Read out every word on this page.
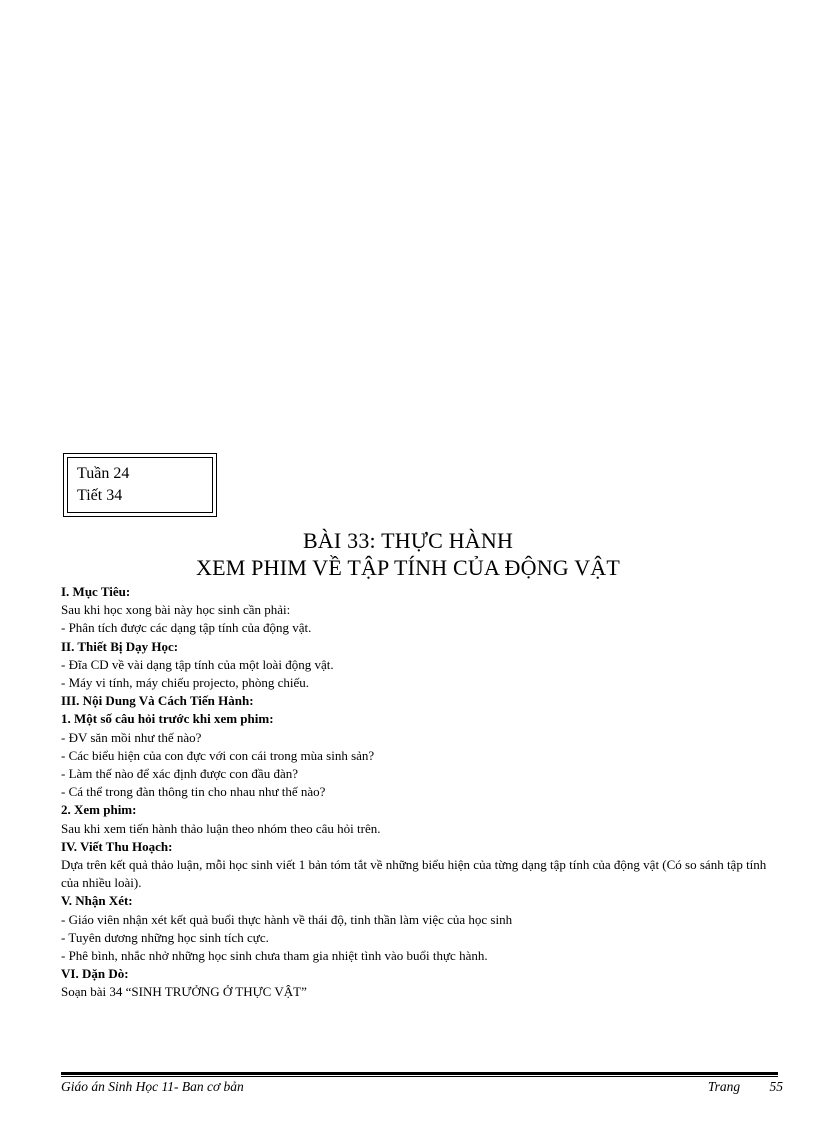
Tuần 24
Tiết 34
BÀI 33: THỰC HÀNH
XEM PHIM VỀ TẬP TÍNH CỦA ĐỘNG VẬT
I. Mục Tiêu:
Sau khi học xong bài này học sinh cần phải:
- Phân tích được các dạng tập tính của động vật.
II. Thiết Bị Dạy Học:
- Đĩa CD về vài dạng tập tính của một loài động vật.
- Máy vi tính, máy chiếu projecto, phòng chiếu.
III. Nội Dung Và Cách Tiến Hành:
1. Một số câu hỏi trước khi xem phim:
- ĐV săn mồi như thế nào?
- Các biểu hiện của con đực với con cái trong mùa sinh sản?
- Làm thế nào để xác định được con đầu đàn?
- Cá thể trong đàn thông tin cho nhau như thế nào?
2. Xem phim:
Sau khi xem tiến hành thảo luận theo nhóm theo câu hỏi trên.
IV. Viết Thu Hoạch:
Dựa trên kết quả thảo luận, mỗi học sinh viết 1 bản tóm tắt về những biểu hiện của từng dạng tập tính của động vật (Có so sánh tập tính của nhiều loài).
V. Nhận Xét:
- Giáo viên nhận xét kết quả buổi thực hành về thái độ, tinh thần làm việc của học sinh
- Tuyên dương những học sinh tích cực.
- Phê bình, nhắc nhở những học sinh chưa tham gia nhiệt tình vào buổi thực hành.
VI. Dặn Dò:
Soạn bài 34 “SINH TRƯỞNG Ở THỰC VẬT”
Giáo án Sinh Học 11- Ban cơ bản	Trang 55
